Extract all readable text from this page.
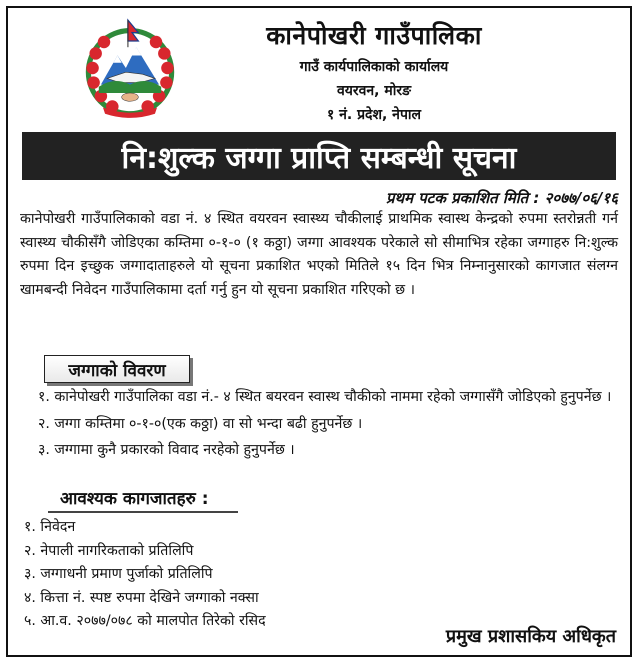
कानेपोखरी गाउँपालिका
गाउँ कार्यपालिकाको कार्यालय
वयरवन, मोरङ
१ नं. प्रदेश, नेपाल
नि:शुल्क जग्गा प्राप्ति सम्बन्धी सूचना
प्रथम पटक प्रकाशित मिति : २०७७/०६/१६
कानेपोखरी गाउँपालिकाको वडा नं. ४ स्थित वयरवन स्वास्थ्य चौकीलाई प्राथमिक स्वास्थ केन्द्रको रुपमा स्तरोन्नती गर्न स्वास्थ्य चौकीसँगै जोडिएका कम्तिमा ०-१-० (१ कठ्ठा) जग्गा आवश्यक परेकाले सो सीमाभित्र रहेका जग्गाहरु नि:शुल्क रुपमा दिन इच्छुक जग्गादाताहरुले यो सूचना प्रकाशित भएको मितिले १५ दिन भित्र निम्नानुसारको कागजात संलग्न खामबन्दी निवेदन गाउँपालिकामा दर्ता गर्नु हुन यो सूचना प्रकाशित गरिएको छ ।
जग्गाको विवरण
१. कानेपोखरी गाउँपालिका वडा नं.- ४ स्थित बयरवन स्वास्थ चौकीको नाममा रहेको जग्गासँगै जोडिएको हुनुपर्नेछ ।
२. जग्गा कम्तिमा ०-१-०(एक कठ्ठा) वा सो भन्दा बढी हुनुपर्नेछ ।
३. जग्गामा कुनै प्रकारको विवाद नरहेको हुनुपर्नेछ ।
आवश्यक कागजातहरु :
१. निवेदन
२. नेपाली नागरिकताको प्रतिलिपि
३. जग्गाधनी प्रमाण पुर्जाको प्रतिलिपि
४. कित्ता नं. स्पष्ट रुपमा देखिने जग्गाको नक्सा
५. आ.व. २०७७/०७८ को मालपोत तिरेको रसिद
प्रमुख प्रशासकिय अधिकृत
